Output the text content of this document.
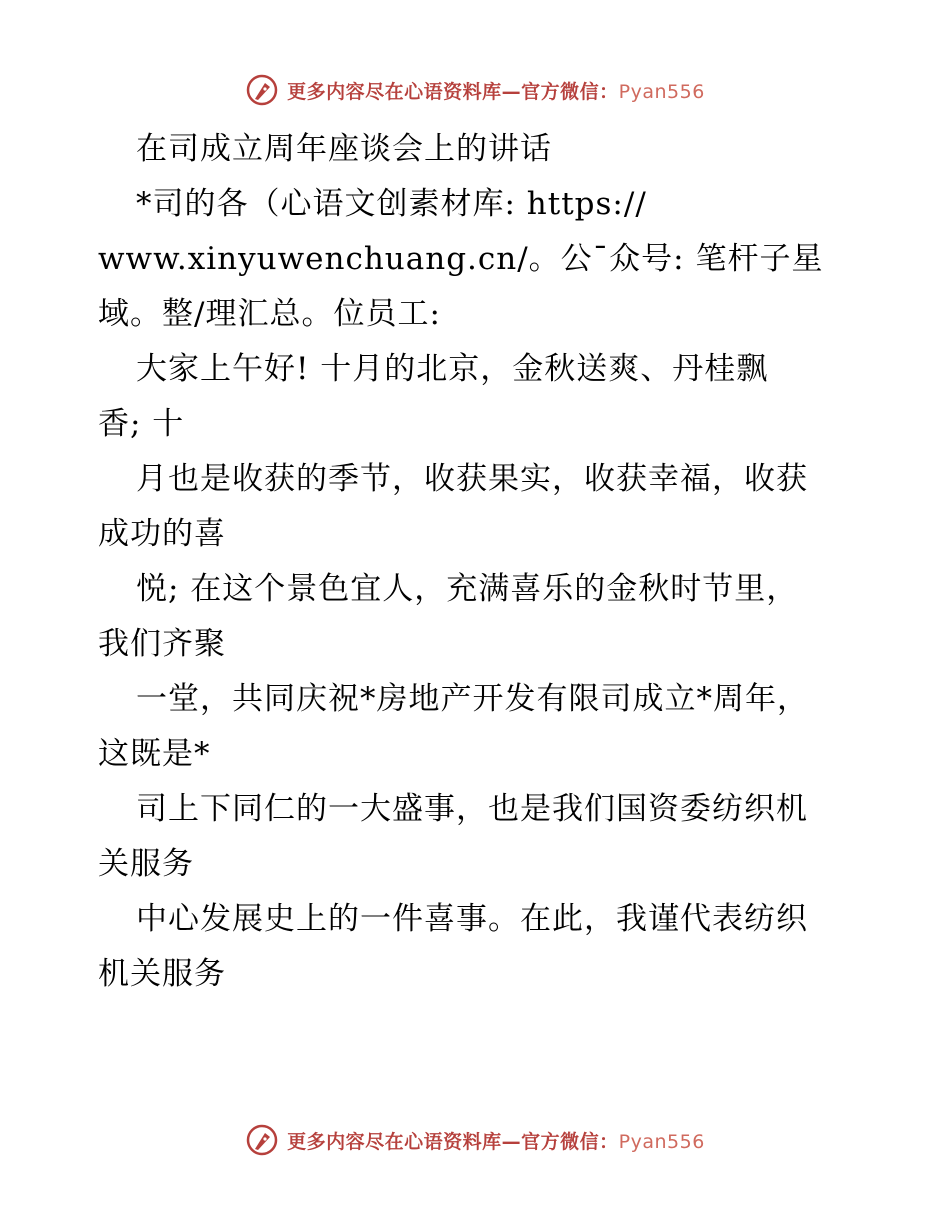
更多内容尽在心语资料库—官方微信：Pyan556
在司成立周年座谈会上的讲话
*司的各（心语文创素材库: https://
www.xinyuwenchuang.cn/。公¯众号: 笔杆子星
域。整/理汇总。位员工:
大家上午好! 十月的北京，金秋送爽、丹桂飘
香; 十
月也是收获的季节，收获果实，收获幸福，收获
成功的喜
悦; 在这个景色宜人，充满喜乐的金秋时节里，
我们齐聚
一堂，共同庆祝*房地产开发有限司成立*周年，
这既是*
司上下同仁的一大盛事，也是我们国资委纺织机
关服务
中心发展史上的一件喜事。在此，我谨代表纺织
机关服务
更多内容尽在心语资料库—官方微信：Pyan556
